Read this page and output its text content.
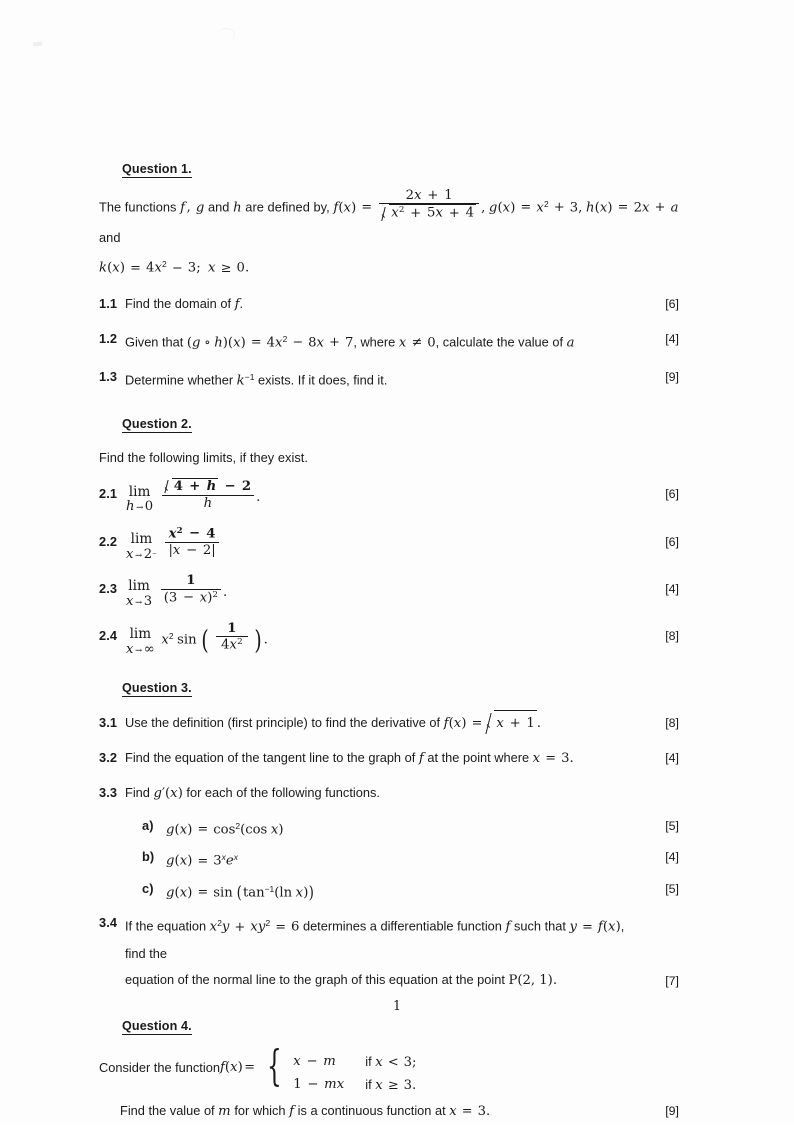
Question 1.
The functions f , g and h are defined by, $f(x) = \frac{2x + 1}{x^2 + 5x + 4}$ , $g(x) = x^2 + 3$, h(x) = 2x + a and
$k(x) = 4x^2 - 3$; x ≥ 0.
1.1 Find the domain of f.	[6]
1.2 Given that (g ∘ $h)(x) = 4x^2 - 8x + 7$, where x ≠ 0, calculate the value of a	[4]
1.3 Determine whether $k^{-1}$ exists. If it does, find it.	[9]
Question 2.
Find the following limits, if they exist.
2.1 lim
h → 0
$\frac{4 + h - 2}{h}$ .	[6]
2.2 lim
x → 2−
$\frac{x^2 - 4}{|x - 2|}$	[6]
2.3 lim
x → 3
$\frac{1}{(3 - x)^2}$ .	[4]
2.4 lim
x → ∞
$x^2$ sin ( $\frac{1}{4x^2}$ ).	[8]
Question 3.
3.1 Use the definition (first principle) to find the derivative of f(x) = x + 1 .	[8]
3.2 Find the equation of the tangent line to the graph of f at the point where x = 3.	[4]
3.3 Find g′(x) for each of the following functions.
a) $g(x) = \cos^2(\cos$ x)	[5]
b) $g(x) = 3^xe^x$	[4]
c) $g(x) = \sin (\tan^{-1}(\ln$ x))	[5]
3.4 If the equation $x^2y + xy^2 = 6$ determines a differentiable function f such that y = f(x), find the
equation of the normal line to the graph of this equation at the point P(2, 1).	[7]
Question 4.
Consider the function f ( x ) = { x − m	if x < 3;
1 − mx	if x ≥ 3.
Find the value of m for which f is a continuous function at x = 3.	[9]
1
